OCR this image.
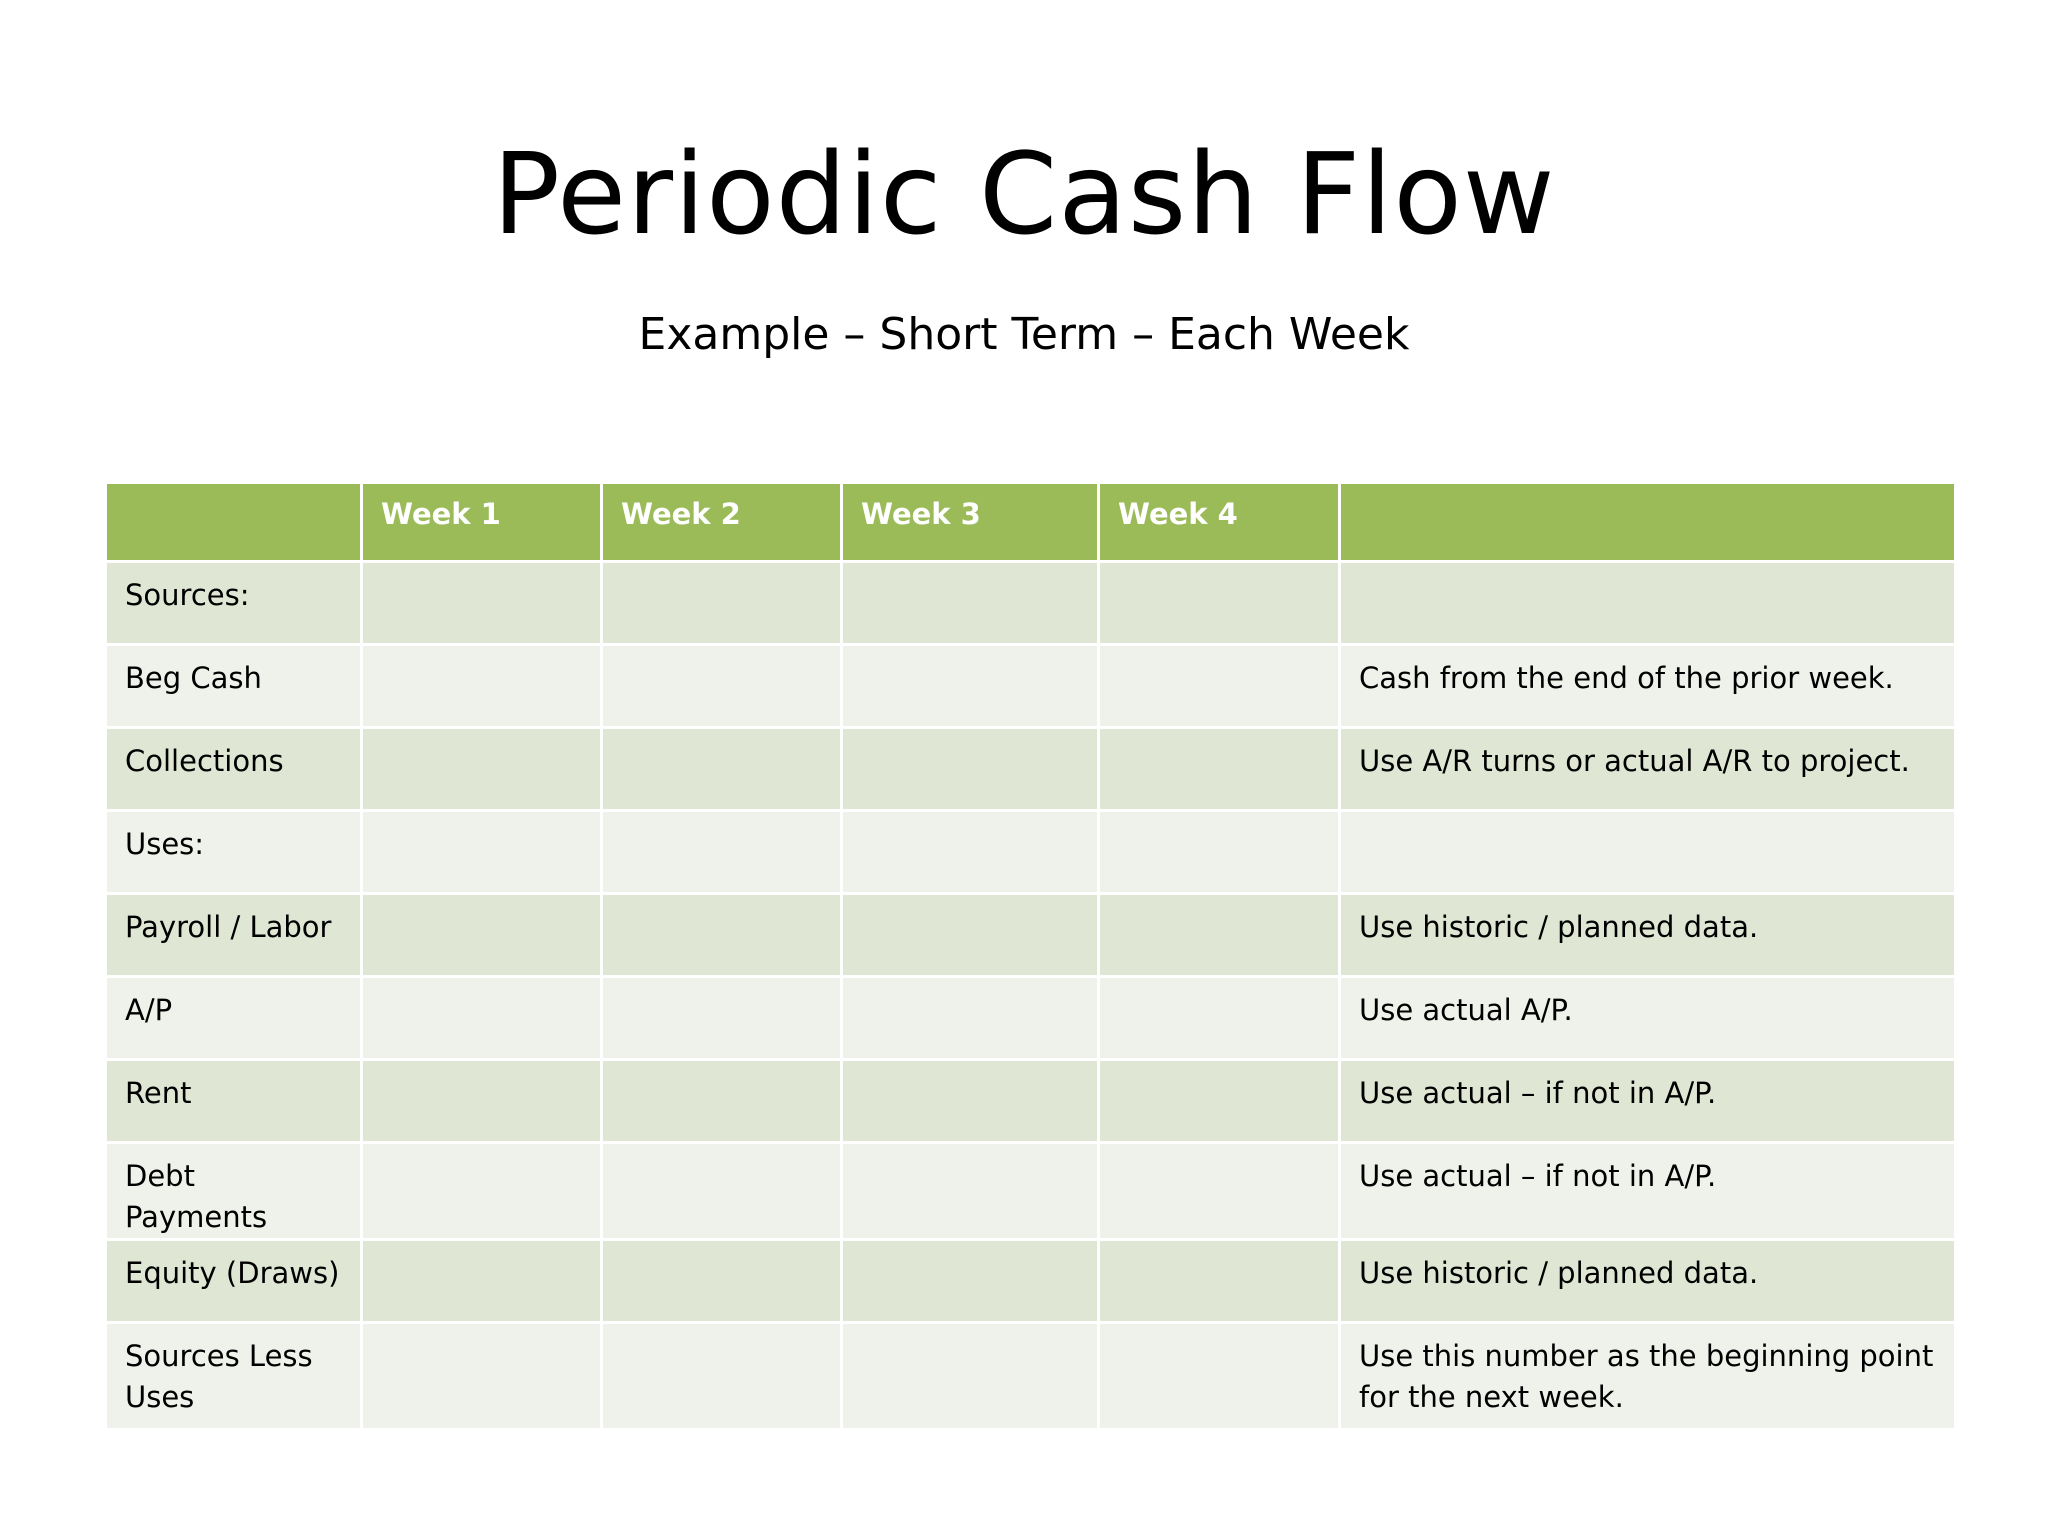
Periodic Cash Flow
Example – Short Term – Each Week
	Week 1	Week 2	Week 3	Week 4	
Sources:					
Beg Cash					Cash from the end of the prior week.
Collections					Use A/R turns or actual A/R to project.
Uses:					
Payroll / Labor					Use historic / planned data.
A/P					Use actual A/P.
Rent					Use actual – if not in A/P.
Debt Payments					Use actual – if not in A/P.
Equity (Draws)					Use historic / planned data.
Sources Less Uses					Use this number as the beginning point for the next week.
